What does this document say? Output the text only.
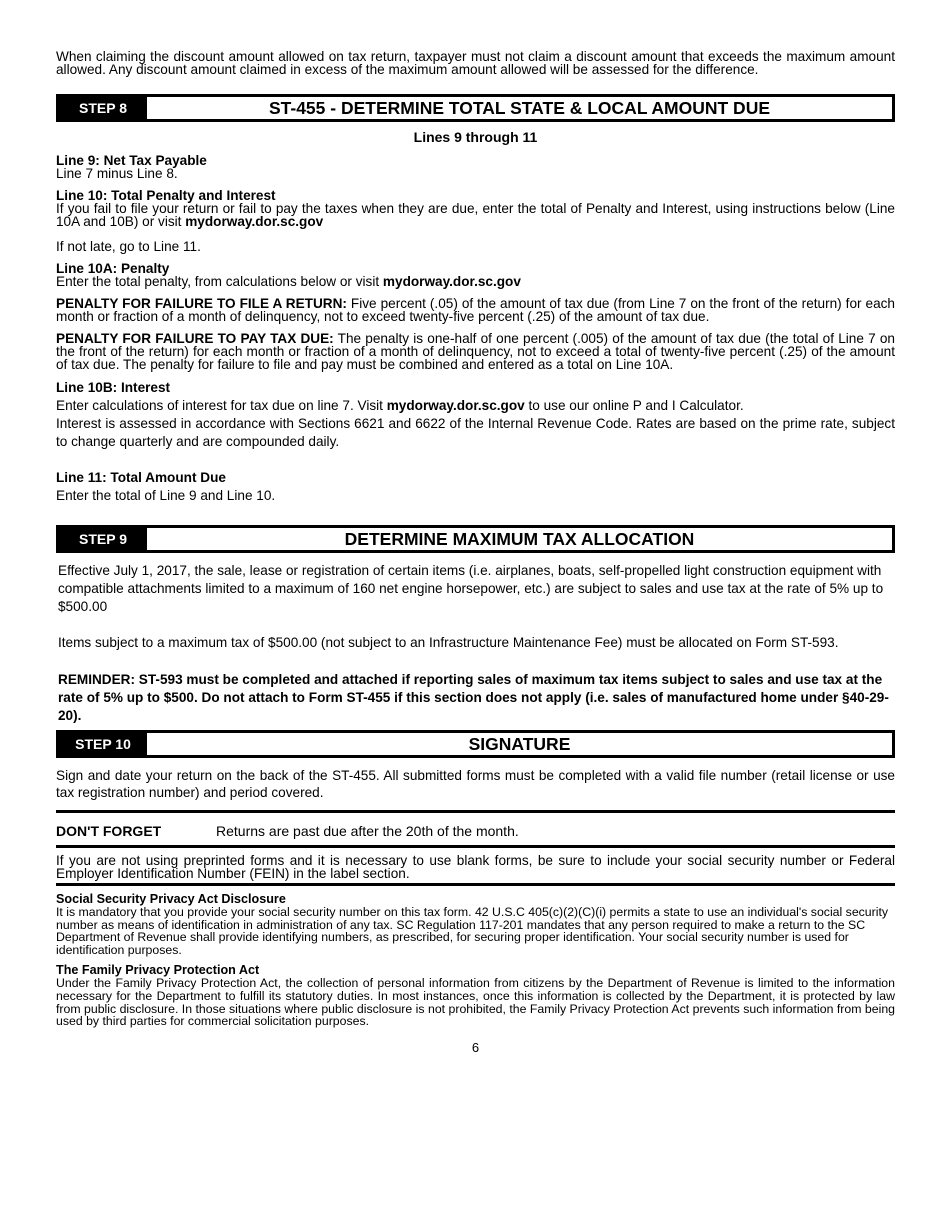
When claiming the discount amount allowed on tax return, taxpayer must not claim a discount amount that exceeds the maximum amount allowed. Any discount amount claimed in excess of the maximum amount allowed will be assessed for the difference.

STEP 8	ST-455 - DETERMINE TOTAL STATE & LOCAL AMOUNT DUE

Lines 9 through 11

Line 9: Net Tax Payable

Line 7 minus Line 8.

Line 10: Total Penalty and Interest

If you fail to file your return or fail to pay the taxes when they are due, enter the total of Penalty and Interest, using instructions below (Line 10A and 10B) or visit mydorway.dor.sc.gov

If not late, go to Line 11.

Line 10A: Penalty

Enter the total penalty, from calculations below or visit mydorway.dor.sc.gov

PENALTY FOR FAILURE TO FILE A RETURN: Five percent (.05) of the amount of tax due (from Line 7 on the front of the return) for each month or fraction of a month of delinquency, not to exceed twenty-five percent (.25) of the amount of tax due.

PENALTY FOR FAILURE TO PAY TAX DUE: The penalty is one-half of one percent (.005) of the amount of tax due (the total of Line 7 on the front of the return) for each month or fraction of a month of delinquency, not to exceed a total of twenty-five percent (.25) of the amount of tax due. The penalty for failure to file and pay must be combined and entered as a total on Line 10A.

Line 10B: Interest

Enter calculations of interest for tax due on line 7. Visit mydorway.dor.sc.gov to use our online P and I Calculator.

Interest is assessed in accordance with Sections 6621 and 6622 of the Internal Revenue Code. Rates are based on the prime rate, subject to change quarterly and are compounded daily.

Line 11: Total Amount Due

Enter the total of Line 9 and Line 10.

STEP 9	DETERMINE MAXIMUM TAX ALLOCATION

Effective July 1, 2017, the sale, lease or registration of certain items (i.e. airplanes, boats, self-propelled light construction equipment with compatible attachments limited to a maximum of 160 net engine horsepower, etc.) are subject to sales and use tax at the rate of 5% up to $500.00

Items subject to a maximum tax of $500.00 (not subject to an Infrastructure Maintenance Fee) must be allocated on Form ST-593.

REMINDER: ST-593 must be completed and attached if reporting sales of maximum tax items subject to sales and use tax at the rate of 5% up to $500. Do not attach to Form ST-455 if this section does not apply (i.e. sales of manufactured home under §40-29-20).

STEP 10	SIGNATURE

Sign and date your return on the back of the ST-455. All submitted forms must be completed with a valid file number (retail license or use tax registration number) and period covered.

DON'T FORGET	Returns are past due after the 20th of the month.

If you are not using preprinted forms and it is necessary to use blank forms, be sure to include your social security number or Federal Employer Identification Number (FEIN) in the label section.

Social Security Privacy Act Disclosure

It is mandatory that you provide your social security number on this tax form. 42 U.S.C 405(c)(2)(C)(i) permits a state to use an individual's social security number as means of identification in administration of any tax. SC Regulation 117-201 mandates that any person required to make a return to the SC Department of Revenue shall provide identifying numbers, as prescribed, for securing proper identification. Your social security number is used for identification purposes.

The Family Privacy Protection Act

Under the Family Privacy Protection Act, the collection of personal information from citizens by the Department of Revenue is limited to the information necessary for the Department to fulfill its statutory duties. In most instances, once this information is collected by the Department, it is protected by law from public disclosure. In those situations where public disclosure is not prohibited, the Family Privacy Protection Act prevents such information from being used by third parties for commercial solicitation purposes.

6
